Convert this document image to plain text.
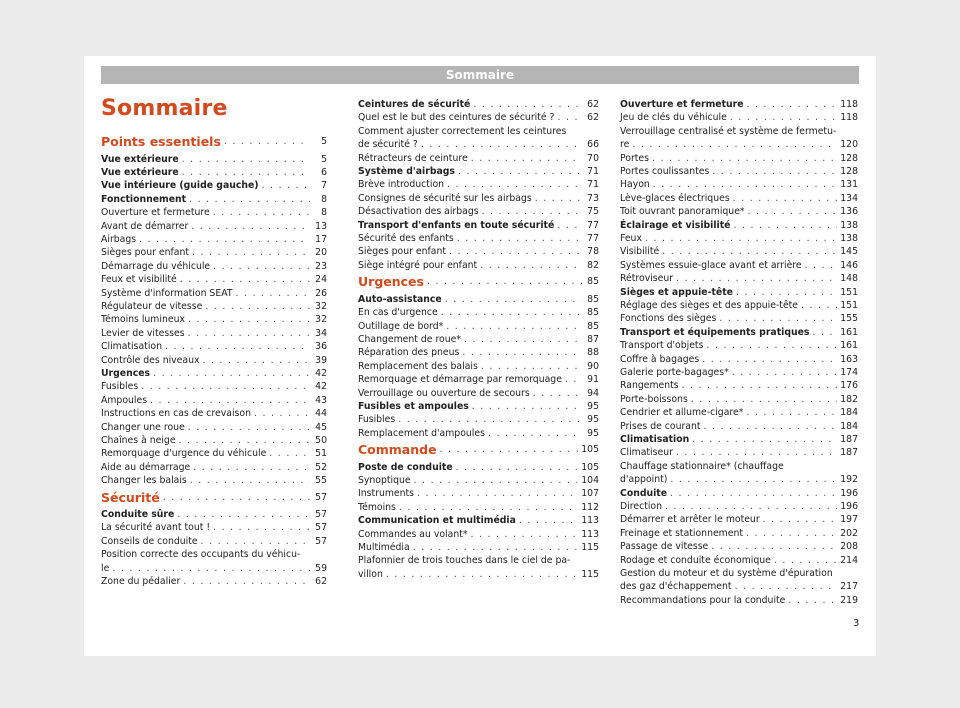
Sommaire
Sommaire
Points essentiels . . .	5
Vue extérieure . . .	5
Vue extérieure . . .	6
Vue intérieure (guide gauche) . . .	7
Fonctionnement . . .	8
Ouverture et fermeture . . .	8
Avant de démarrer . . .	13
Airbags . . .	17
Sièges pour enfant . . .	20
Démarrage du véhicule . . .	23
Feux et visibilité . . .	24
Système d'information SEAT . . .	26
Régulateur de vitesse . . .	32
Témoins lumineux . . .	32
Levier de vitesses . . .	34
Climatisation . . .	36
Contrôle des niveaux . . .	39
Urgences . . .	42
Fusibles . . .	42
Ampoules . . .	43
Instructions en cas de crevaison . . .	44
Changer une roue . . .	45
Chaînes à neige . . .	50
Remorquage d'urgence du véhicule . . .	51
Aide au démarrage . . .	52
Changer les balais . . .	55
Sécurité . . .	57
Conduite sûre . . .	57
La sécurité avant tout ! . . .	57
Conseils de conduite . . .	57
Position correcte des occupants du véhicu-
le . . .	59
Zone du pédalier . . .	62
Ceintures de sécurité . . .	62
Quel est le but des ceintures de sécurité ? . . .	62
Comment ajuster correctement les ceintures
de sécurité ? . . .	66
Rétracteurs de ceinture . . .	70
Système d'airbags . . .	71
Brève introduction . . .	71
Consignes de sécurité sur les airbags . . .	73
Désactivation des airbags . . .	75
Transport d'enfants en toute sécurité . . .	77
Sécurité des enfants . . .	77
Sièges pour enfant . . .	78
Siège intégré pour enfant . . .	82
Urgences . . .	85
Auto-assistance . . .	85
En cas d'urgence . . .	85
Outillage de bord* . . .	85
Changement de roue* . . .	87
Réparation des pneus . . .	88
Remplacement des balais . . .	90
Remorquage et démarrage par remorquage . . .	91
Verrouillage ou ouverture de secours . . .	94
Fusibles et ampoules . . .	95
Fusibles . . .	95
Remplacement d'ampoules . . .	95
Commande . . .	105
Poste de conduite . . .	105
Synoptique . . .	104
Instruments . . .	107
Témoins . . .	112
Communication et multimédia . . .	113
Commandes au volant* . . .	113
Multimédia . . .	115
Plafonnier de trois touches dans le ciel de pa-
villon . . .	115
Ouverture et fermeture . . .	118
Jeu de clés du véhicule . . .	118
Verrouillage centralisé et système de fermetu-
re . . .	120
Portes . . .	128
Portes coulissantes . . .	128
Hayon . . .	131
Lève-glaces électriques . . .	134
Toit ouvrant panoramique* . . .	136
Éclairage et visibilité . . .	138
Feux . . .	138
Visibilité . . .	145
Systèmes essuie-glace avant et arrière . . .	146
Rétroviseur . . .	148
Sièges et appuie-tête . . .	151
Réglage des sièges et des appuie-tête . . .	151
Fonctions des sièges . . .	155
Transport et équipements pratiques . . .	161
Transport d'objets . . .	161
Coffre à bagages . . .	163
Galerie porte-bagages* . . .	174
Rangements . . .	176
Porte-boissons . . .	182
Cendrier et allume-cigare* . . .	184
Prises de courant . . .	184
Climatisation . . .	187
Climatiseur . . .	187
Chauffage stationnaire* (chauffage
d'appoint) . . .	192
Conduite . . .	196
Direction . . .	196
Démarrer et arrêter le moteur . . .	197
Freinage et stationnement . . .	202
Passage de vitesse . . .	208
Rodage et conduite économique . . .	214
Gestion du moteur et du système d'épuration
des gaz d'échappement . . .	217
Recommandations pour la conduite . . .	219
3
